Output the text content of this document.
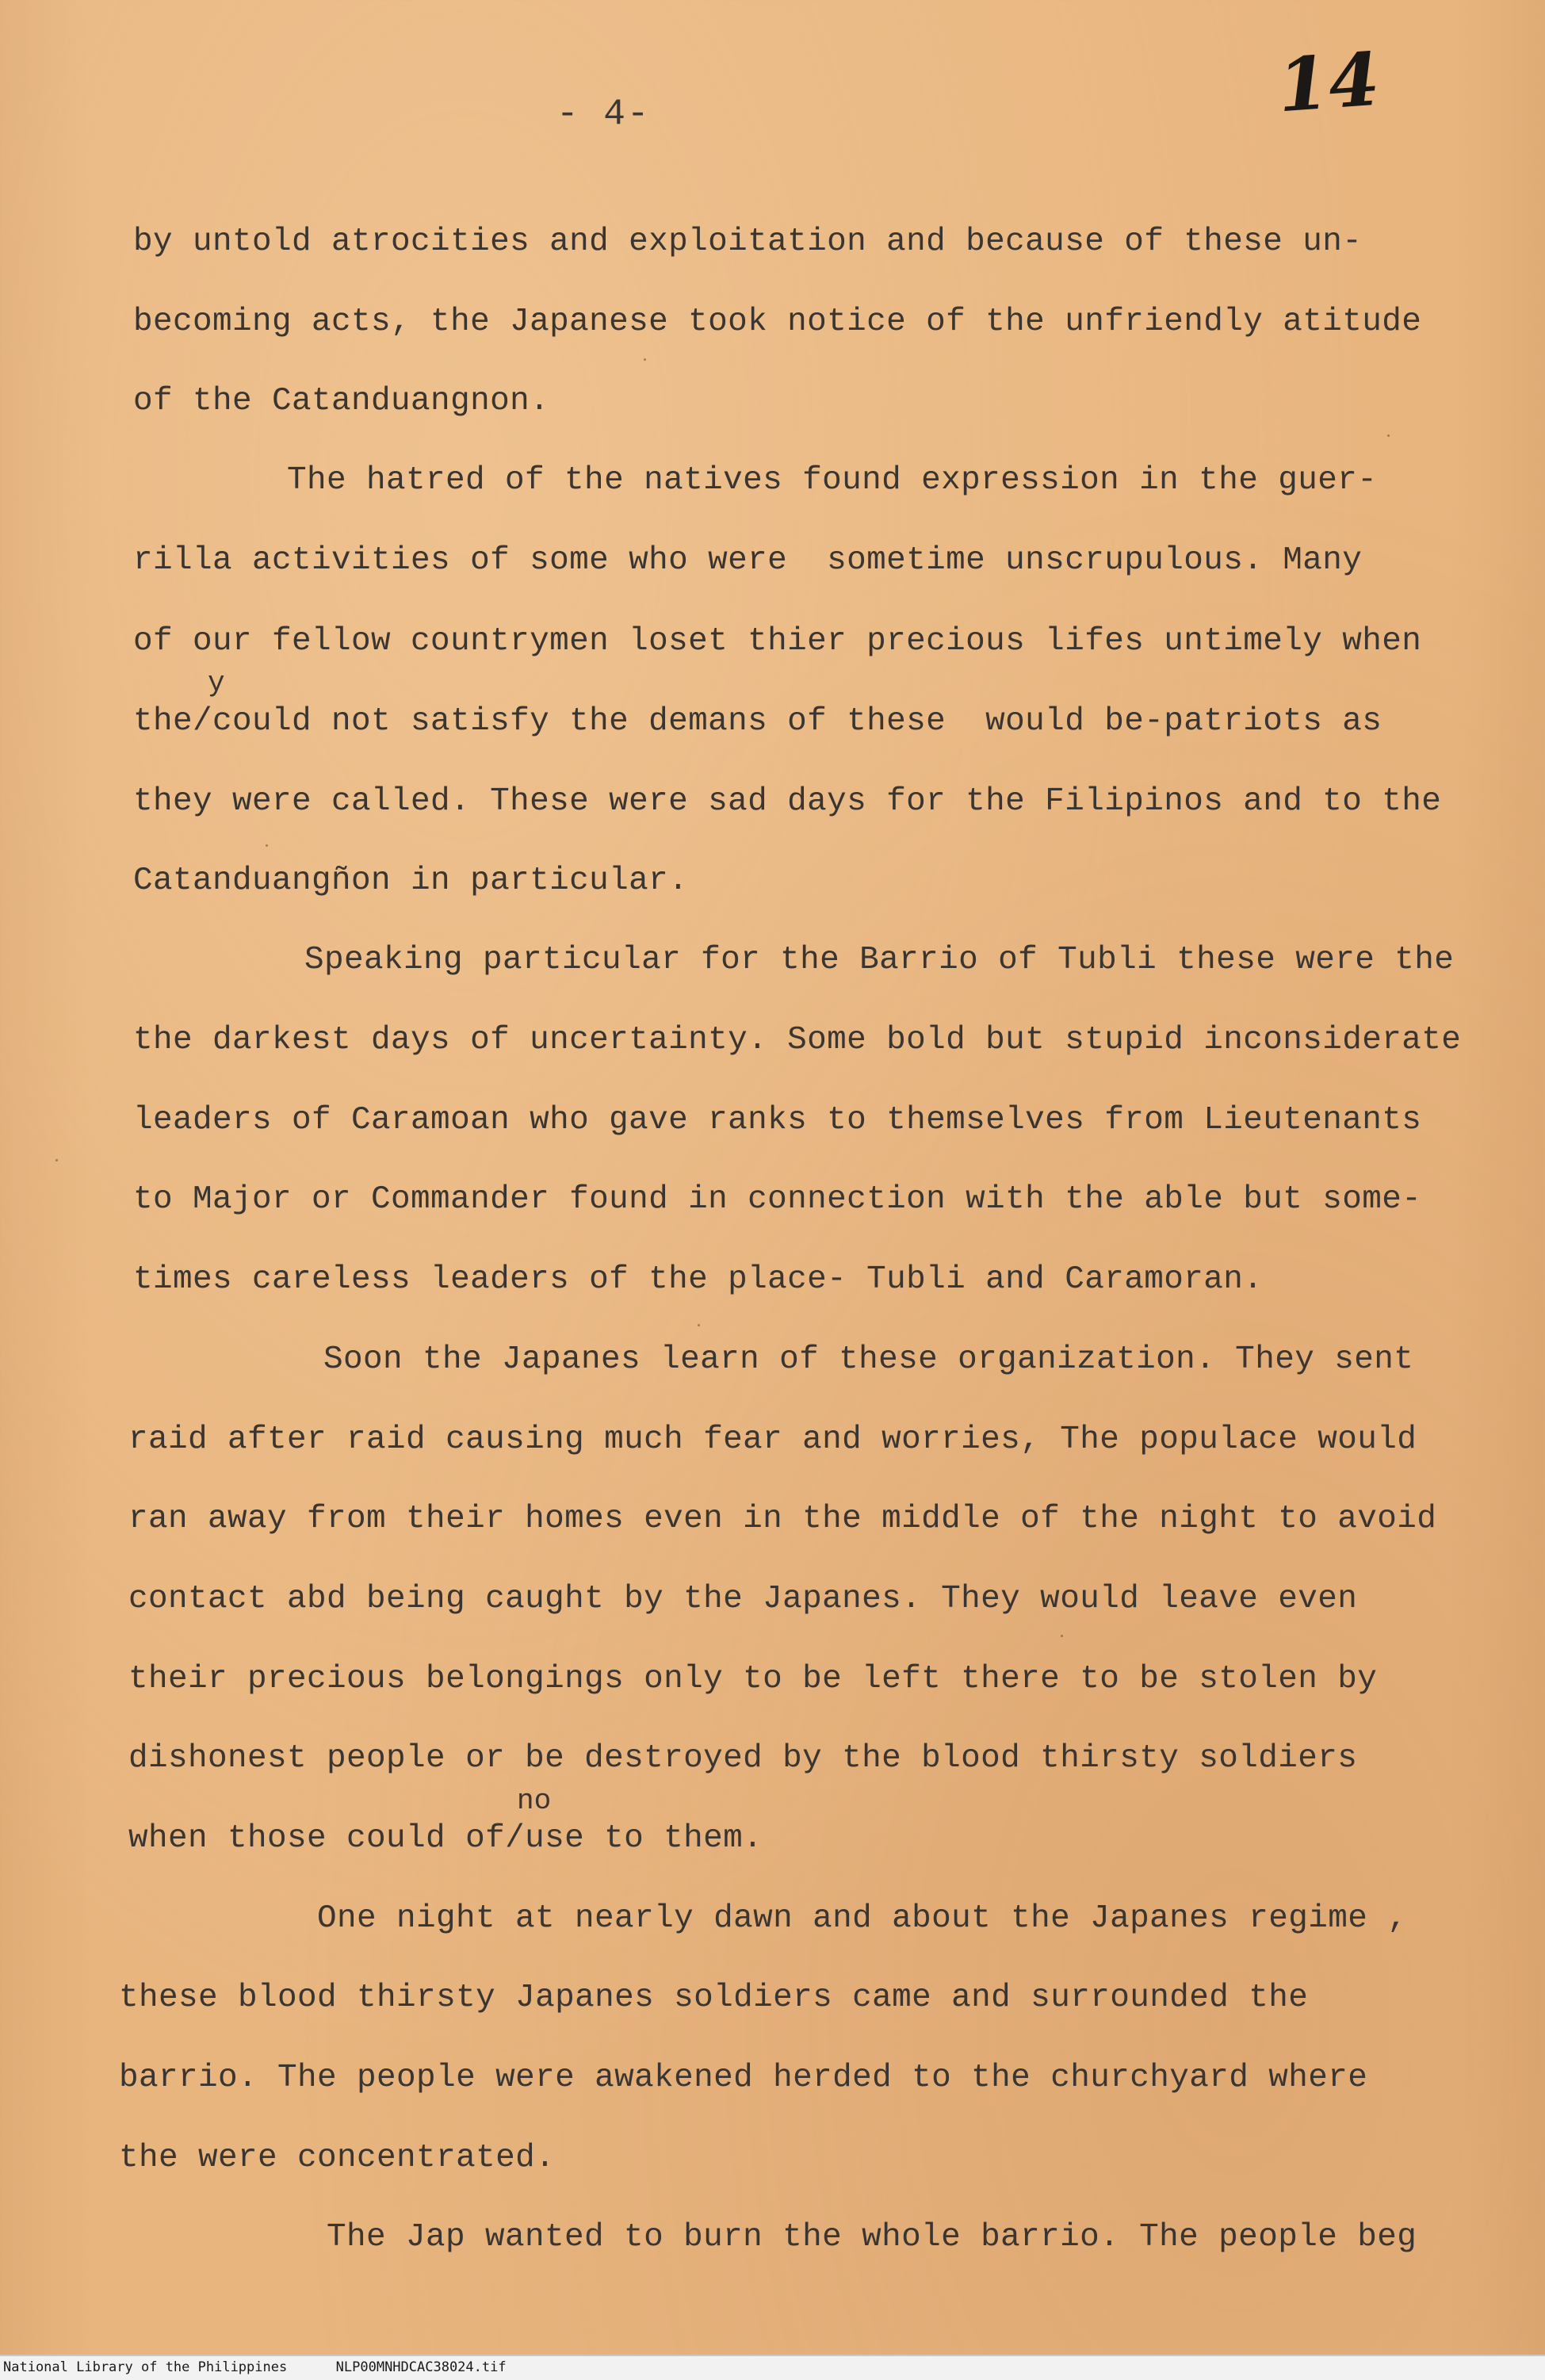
- 4-	14
by untold atrocities and exploitation and because of these un-
becoming acts, the Japanese took notice of the unfriendly atitude
of the Catanduangnon.
The hatred of the natives found expression in the guer-
rilla activities of some who were  sometime unscrupulous. Many
of our fellow countrymen loset thier precious lifes untimely when
y
the/could not satisfy the demans of these  would be-patriots as
they were called. These were sad days for the Filipinos and to the
Catanduangñon in particular.
Speaking particular for the Barrio of Tubli these were the
the darkest days of uncertainty. Some bold but stupid inconsiderate
leaders of Caramoan who gave ranks to themselves from Lieutenants
to Major or Commander found in connection with the able but some-
times careless leaders of the place- Tubli and Caramoran.
Soon the Japanes learn of these organization. They sent
raid after raid causing much fear and worries, The populace would
ran away from their homes even in the middle of the night to avoid
contact abd being caught by the Japanes. They would leave even
their precious belongings only to be left there to be stolen by
dishonest people or be destroyed by the blood thirsty soldiers
no
when those could of/use to them.
One night at nearly dawn and about the Japanes regime ,
these blood thirsty Japanes soldiers came and surrounded the
barrio. The people were awakened herded to the churchyard where
the were concentrated.
The Jap wanted to burn the whole barrio. The people beg
National Library of the Philippines	NLP00MNHDCAC38024.tif
